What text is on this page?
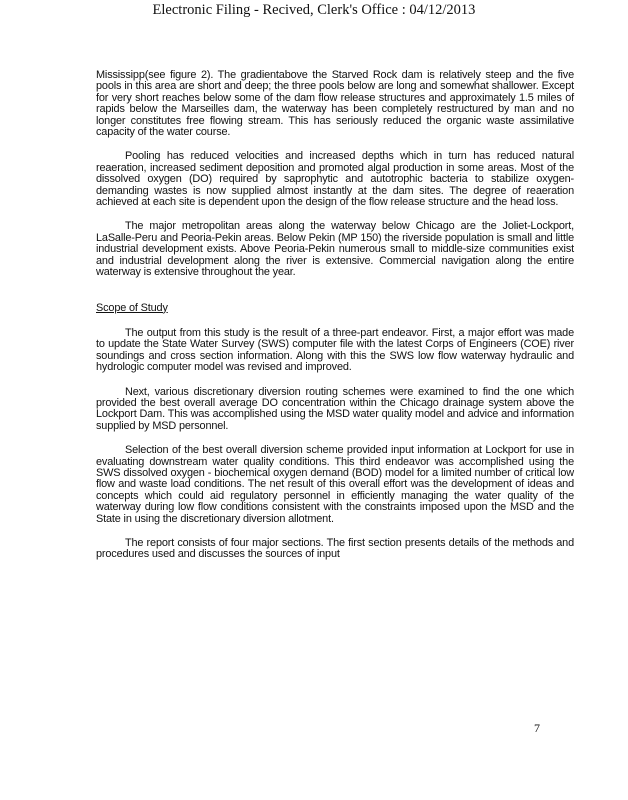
Electronic Filing - Recived, Clerk's Office : 04/12/2013

Mississipp(see figure 2). The gradientabove the Starved Rock dam is relatively steep and the five pools in this area are short and deep; the three pools below are long and somewhat shallower. Except for very short reaches below some of the dam flow release structures and approximately 1.5 miles of rapids below the Marseilles dam, the waterway has been completely restructured by man and no longer constitutes free flowing stream. This has seriously reduced the organic waste assimilative capacity of the water course.

Pooling has reduced velocities and increased depths which in turn has reduced natural reaeration, increased sediment deposition and promoted algal production in some areas. Most of the dissolved oxygen (DO) required by saprophytic and autotrophic bacteria to stabilize oxygen-demanding wastes is now supplied almost instantly at the dam sites. The degree of reaeration achieved at each site is dependent upon the design of the flow release structure and the head loss.

The major metropolitan areas along the waterway below Chicago are the Joliet-Lockport, LaSalle-Peru and Peoria-Pekin areas. Below Pekin (MP 150) the riverside population is small and little industrial development exists. Above Peoria-Pekin numerous small to middle-size communities exist and industrial development along the river is extensive. Commercial navigation along the entire waterway is extensive throughout the year.

Scope of Study

The output from this study is the result of a three-part endeavor. First, a major effort was made to update the State Water Survey (SWS) computer file with the latest Corps of Engineers (COE) river soundings and cross section information. Along with this the SWS low flow waterway hydraulic and hydrologic computer model was revised and improved.

Next, various discretionary diversion routing schemes were examined to find the one which provided the best overall average DO concentration within the Chicago drainage system above the Lockport Dam. This was accomplished using the MSD water quality model and advice and information supplied by MSD personnel.

Selection of the best overall diversion scheme provided input information at Lockport for use in evaluating downstream water quality conditions. This third endeavor was accomplished using the SWS dissolved oxygen - biochemical oxygen demand (BOD) model for a limited number of critical low flow and waste load conditions. The net result of this overall effort was the development of ideas and concepts which could aid regulatory personnel in efficiently managing the water quality of the waterway during low flow conditions consistent with the constraints imposed upon the MSD and the State in using the discretionary diversion allotment.

The report consists of four major sections. The first section presents details of the methods and procedures used and discusses the sources of input

7
